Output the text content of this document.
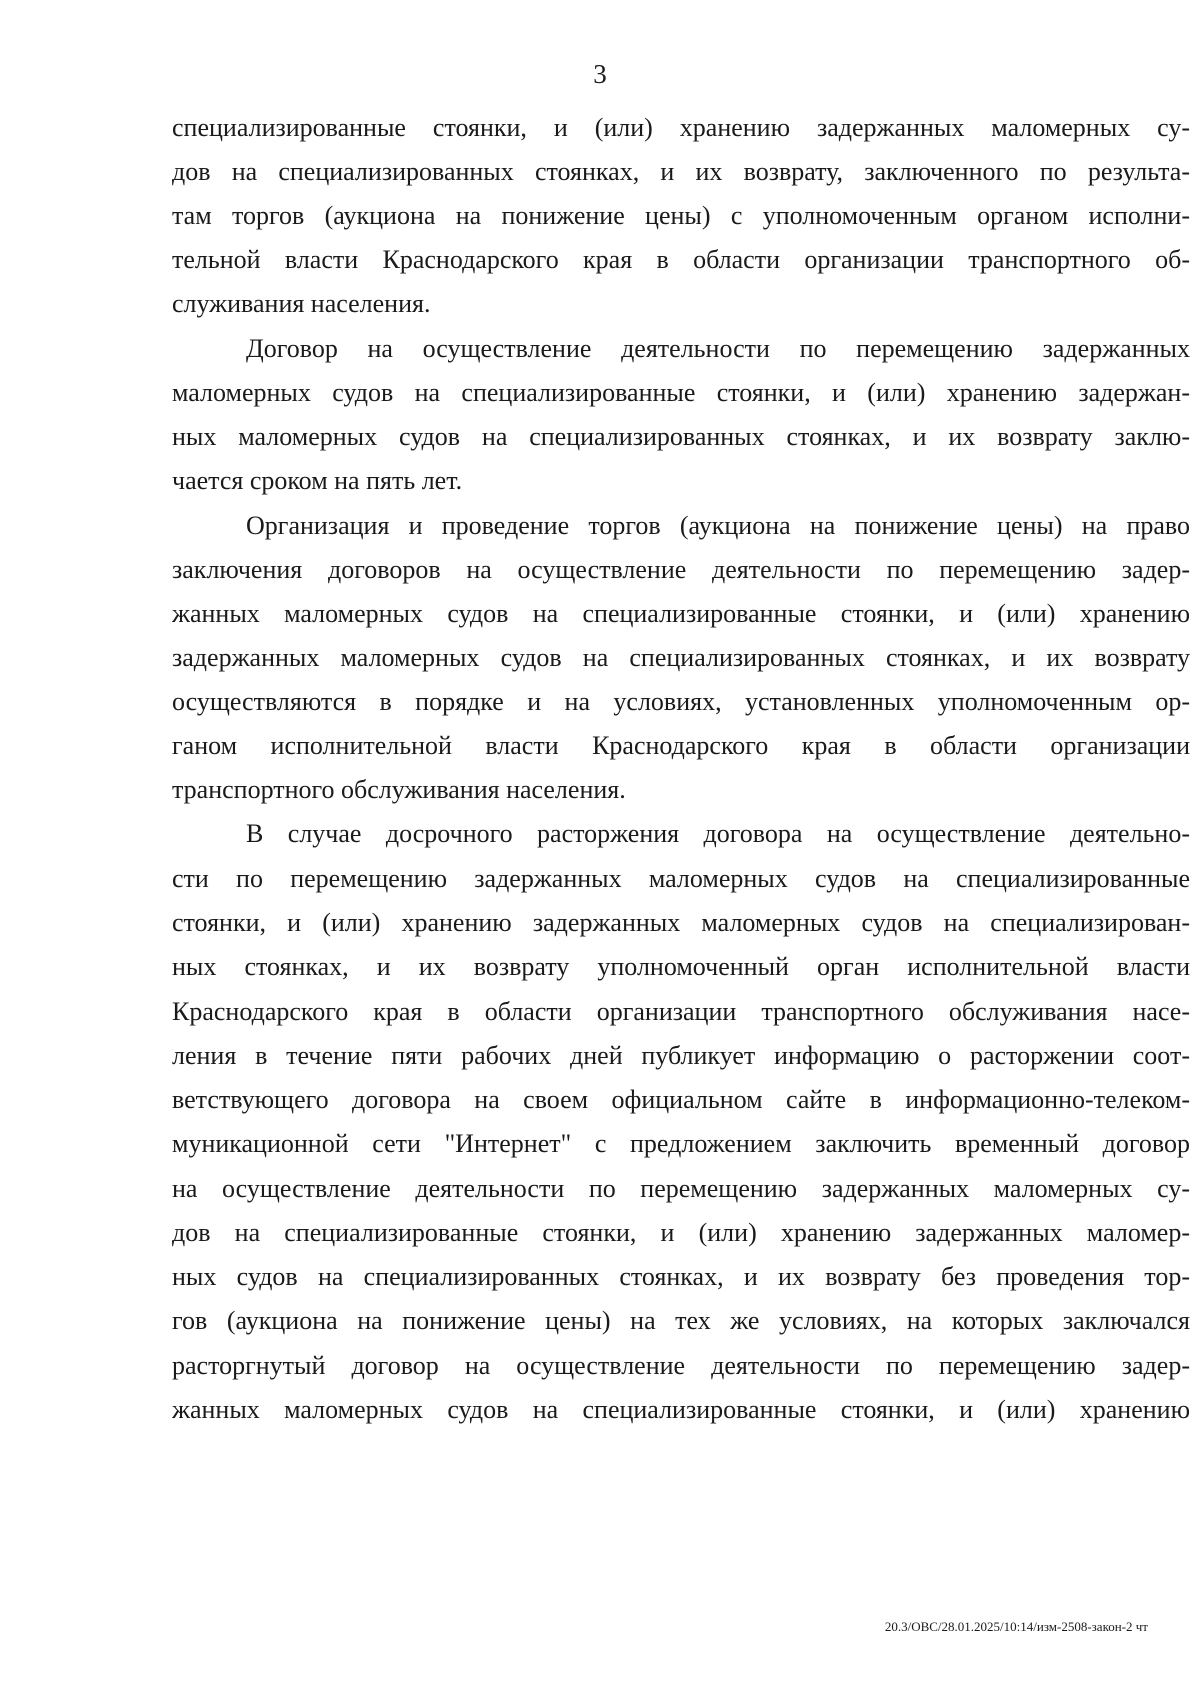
3
специализированные стоянки, и (или) хранению задержанных маломерных су-
дов на специализированных стоянках, и их возврату, заключенного по результа-
там торгов (аукциона на понижение цены) с уполномоченным органом исполни-
тельной власти Краснодарского края в области организации транспортного об-
служивания населения.
Договор на осуществление деятельности по перемещению задержанных
маломерных судов на специализированные стоянки, и (или) хранению задержан-
ных маломерных судов на специализированных стоянках, и их возврату заклю-
чается сроком на пять лет.
Организация и проведение торгов (аукциона на понижение цены) на право
заключения договоров на осуществление деятельности по перемещению задер-
жанных маломерных судов на специализированные стоянки, и (или) хранению
задержанных маломерных судов на специализированных стоянках, и их возврату
осуществляются в порядке и на условиях, установленных уполномоченным ор-
ганом исполнительной власти Краснодарского края в области организации
транспортного обслуживания населения.
В случае досрочного расторжения договора на осуществление деятельно-
сти по перемещению задержанных маломерных судов на специализированные
стоянки, и (или) хранению задержанных маломерных судов на специализирован-
ных стоянках, и их возврату уполномоченный орган исполнительной власти
Краснодарского края в области организации транспортного обслуживания насе-
ления в течение пяти рабочих дней публикует информацию о расторжении соот-
ветствующего договора на своем официальном сайте в информационно-телеком-
муникационной сети "Интернет" с предложением заключить временный договор
на осуществление деятельности по перемещению задержанных маломерных су-
дов на специализированные стоянки, и (или) хранению задержанных маломер-
ных судов на специализированных стоянках, и их возврату без проведения тор-
гов (аукциона на понижение цены) на тех же условиях, на которых заключался
расторгнутый договор на осуществление деятельности по перемещению задер-
жанных маломерных судов на специализированные стоянки, и (или) хранению
20.3/ОВС/28.01.2025/10:14/изм-2508-закон-2 чт
